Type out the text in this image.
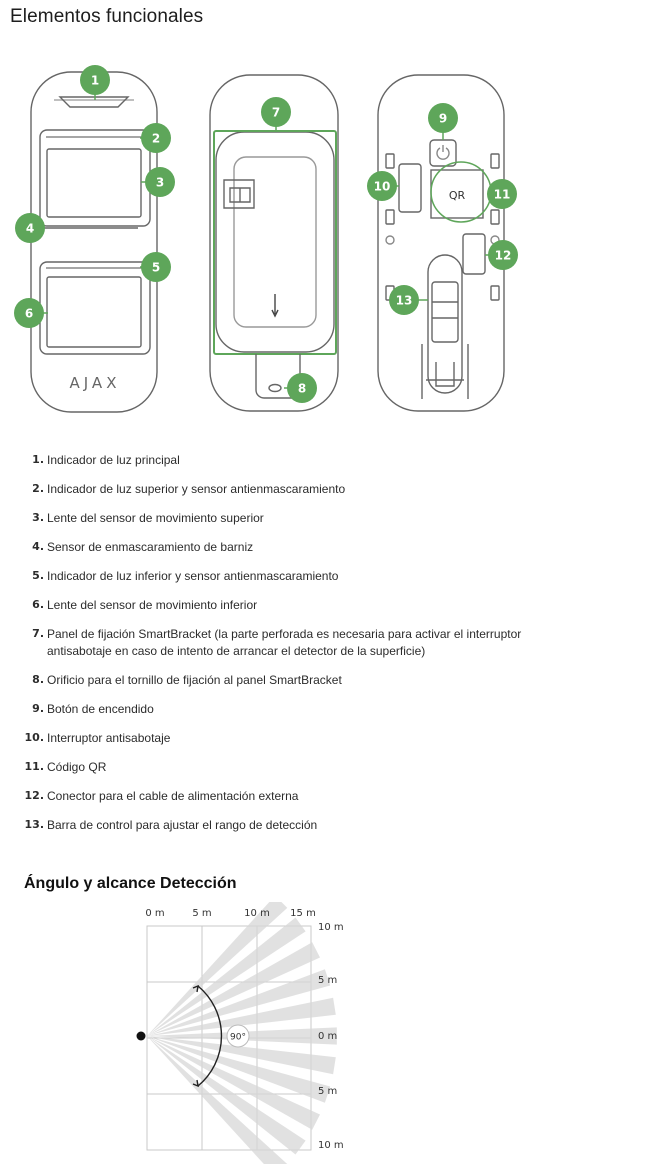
Elementos funcionales
AJAX
QR
1
2
3
4
5
6
7
8
9
10
11
12
13
1 . Indicador de luz principal
2 . Indicador de luz superior y sensor antienmascaramiento
3 . Lente del sensor de movimiento superior
4 . Sensor de enmascaramiento de barniz
5 . Indicador de luz inferior y sensor antienmascaramiento
6 . Lente del sensor de movimiento inferior
7 . Panel de fijación SmartBracket (la parte perforada es necesaria para activar el interruptor antisabotaje en caso de intento de arrancar el detector de la superficie)
8 . Orificio para el tornillo de fijación al panel SmartBracket
9 . Botón de encendido
10 . Interruptor antisabotaje
11 . Código QR
12 . Conector para el cable de alimentación externa
13 . Barra de control para ajustar el rango de detección
Ángulo y alcance Detección
90°
0 m	5 m	10 m 15 m
10 m
5 m
0 m
5 m
10 m
